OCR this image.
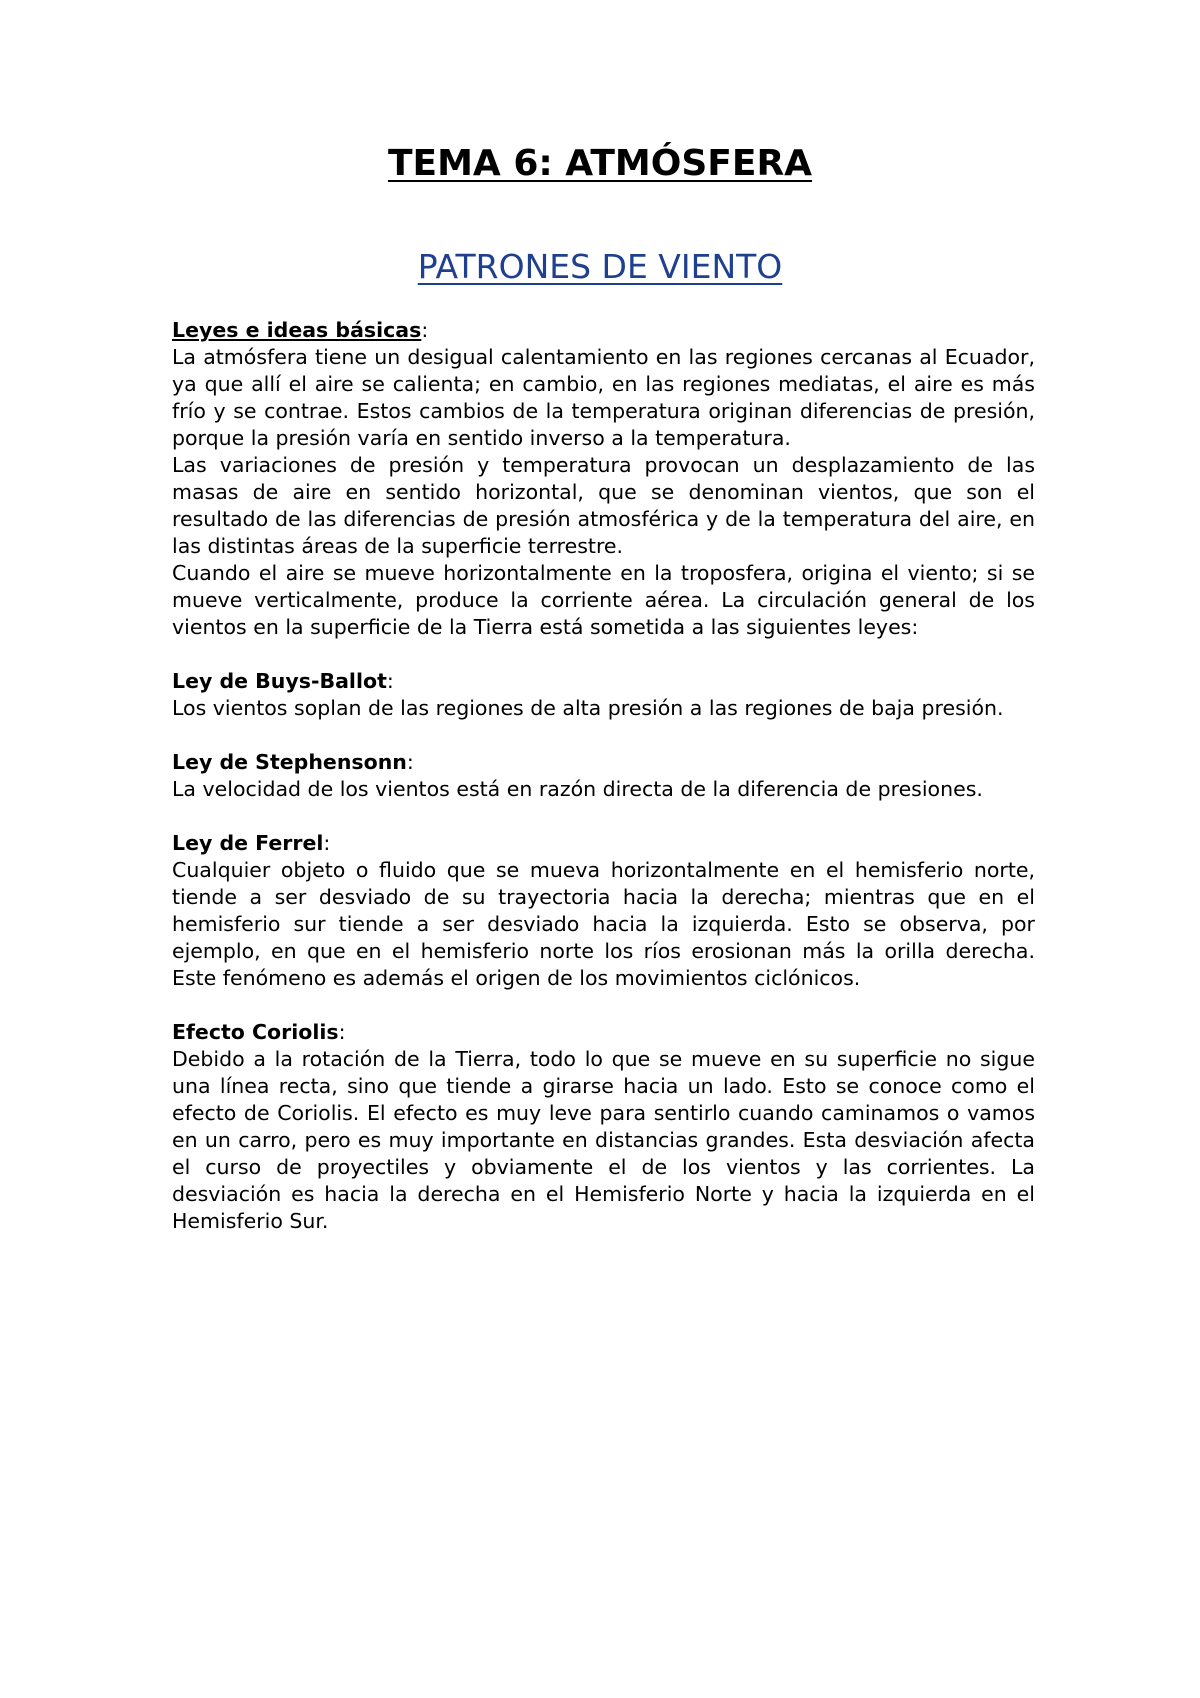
TEMA 6: ATMÓSFERA
PATRONES DE VIENTO

Leyes e ideas básicas:

La atmósfera tiene un desigual calentamiento en las regiones cercanas al Ecuador, ya que allí el aire se calienta; en cambio, en las regiones mediatas, el aire es más frío y se contrae. Estos cambios de la temperatura originan diferencias de presión, porque la presión varía en sentido inverso a la temperatura.

Las variaciones de presión y temperatura provocan un desplazamiento de las masas de aire en sentido horizontal, que se denominan vientos, que son el resultado de las diferencias de presión atmosférica y de la temperatura del aire, en las distintas áreas de la superficie terrestre.

Cuando el aire se mueve horizontalmente en la troposfera, origina el viento; si se mueve verticalmente, produce la corriente aérea. La circulación general de los vientos en la superficie de la Tierra está sometida a las siguientes leyes:

Ley de Buys-Ballot:

Los vientos soplan de las regiones de alta presión a las regiones de baja presión.

Ley de Stephensonn:

La velocidad de los vientos está en razón directa de la diferencia de presiones.

Ley de Ferrel:

Cualquier objeto o fluido que se mueva horizontalmente en el hemisferio norte, tiende a ser desviado de su trayectoria hacia la derecha; mientras que en el hemisferio sur tiende a ser desviado hacia la izquierda. Esto se observa, por ejemplo, en que en el hemisferio norte los ríos erosionan más la orilla derecha. Este fenómeno es además el origen de los movimientos ciclónicos.

Efecto Coriolis:

Debido a la rotación de la Tierra, todo lo que se mueve en su superficie no sigue una línea recta, sino que tiende a girarse hacia un lado. Esto se conoce como el efecto de Coriolis. El efecto es muy leve para sentirlo cuando caminamos o vamos en un carro, pero es muy importante en distancias grandes. Esta desviación afecta el curso de proyectiles y obviamente el de los vientos y las corrientes. La desviación es hacia la derecha en el Hemisferio Norte y hacia la izquierda en el Hemisferio Sur.
